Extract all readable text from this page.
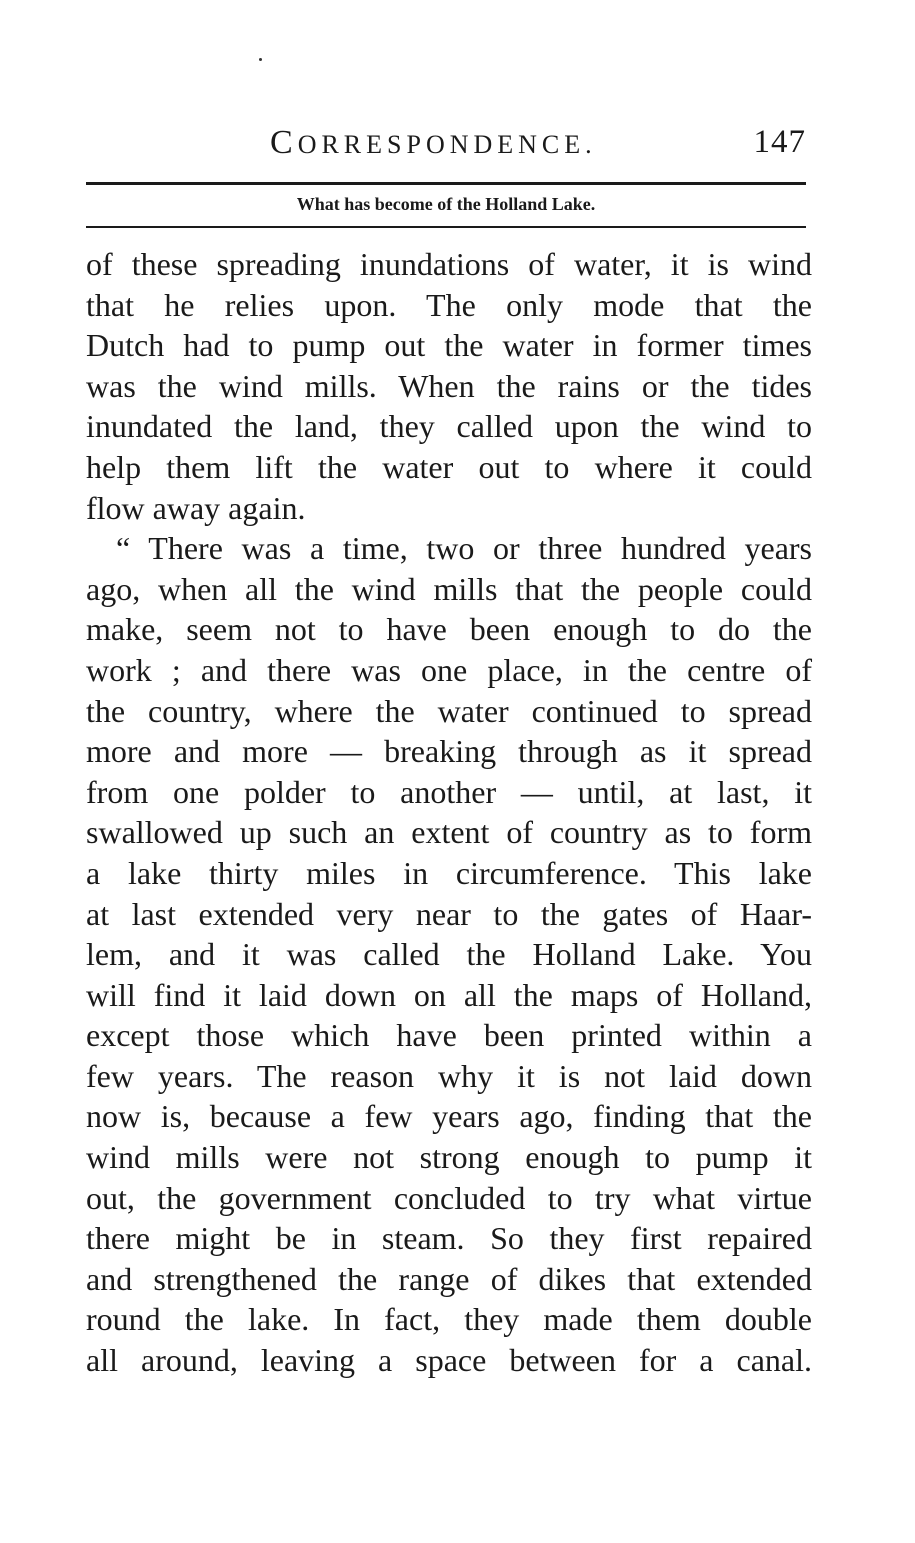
CORRESPONDENCE.	147
What has become of the Holland Lake.
of these spreading inundations of water, it is wind
that he relies upon. The only mode that the
Dutch had to pump out the water in former times
was the wind mills. When the rains or the tides
inundated the land, they called upon the wind to
help them lift the water out to where it could
flow away again.
“ There was a time, two or three hundred years
ago, when all the wind mills that the people could
make, seem not to have been enough to do the
work ; and there was one place, in the centre of
the country, where the water continued to spread
more and more — breaking through as it spread
from one polder to another — until, at last, it
swallowed up such an extent of country as to form
a lake thirty miles in circumference. This lake
at last extended very near to the gates of Haar-
lem, and it was called the Holland Lake. You
will find it laid down on all the maps of Holland,
except those which have been printed within a
few years. The reason why it is not laid down
now is, because a few years ago, finding that the
wind mills were not strong enough to pump it
out, the government concluded to try what virtue
there might be in steam. So they first repaired
and strengthened the range of dikes that extended
round the lake. In fact, they made them double
all around, leaving a space between for a canal.
